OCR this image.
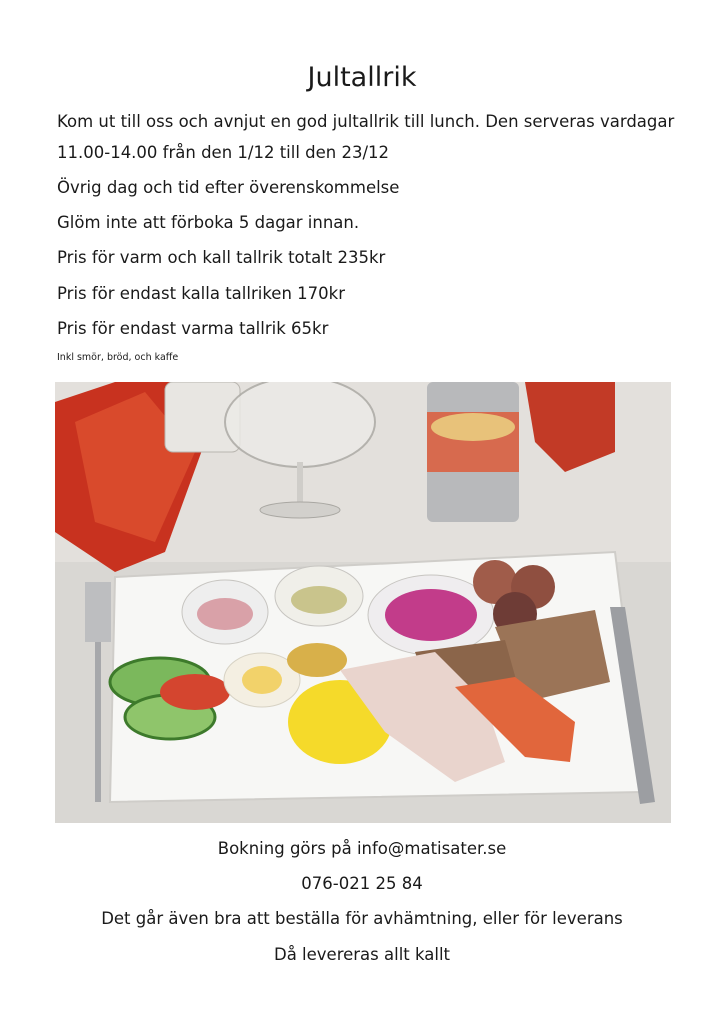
Jultallrik

Kom ut till oss och avnjut en god jultallrik till lunch. Den serveras vardagar

11.00-14.00 från den 1/12 till den 23/12

Övrig dag och tid efter överenskommelse

Glöm inte att förboka 5 dagar innan.

Pris för varm och kall tallrik totalt 235kr

Pris för endast kalla tallriken 170kr

Pris för endast varma tallrik 65kr

Inkl smör, bröd, och kaffe

Bokning görs på info@matisater.se

076-021 25 84

Det går även bra att beställa för avhämtning, eller för leverans

Då levereras allt kallt
